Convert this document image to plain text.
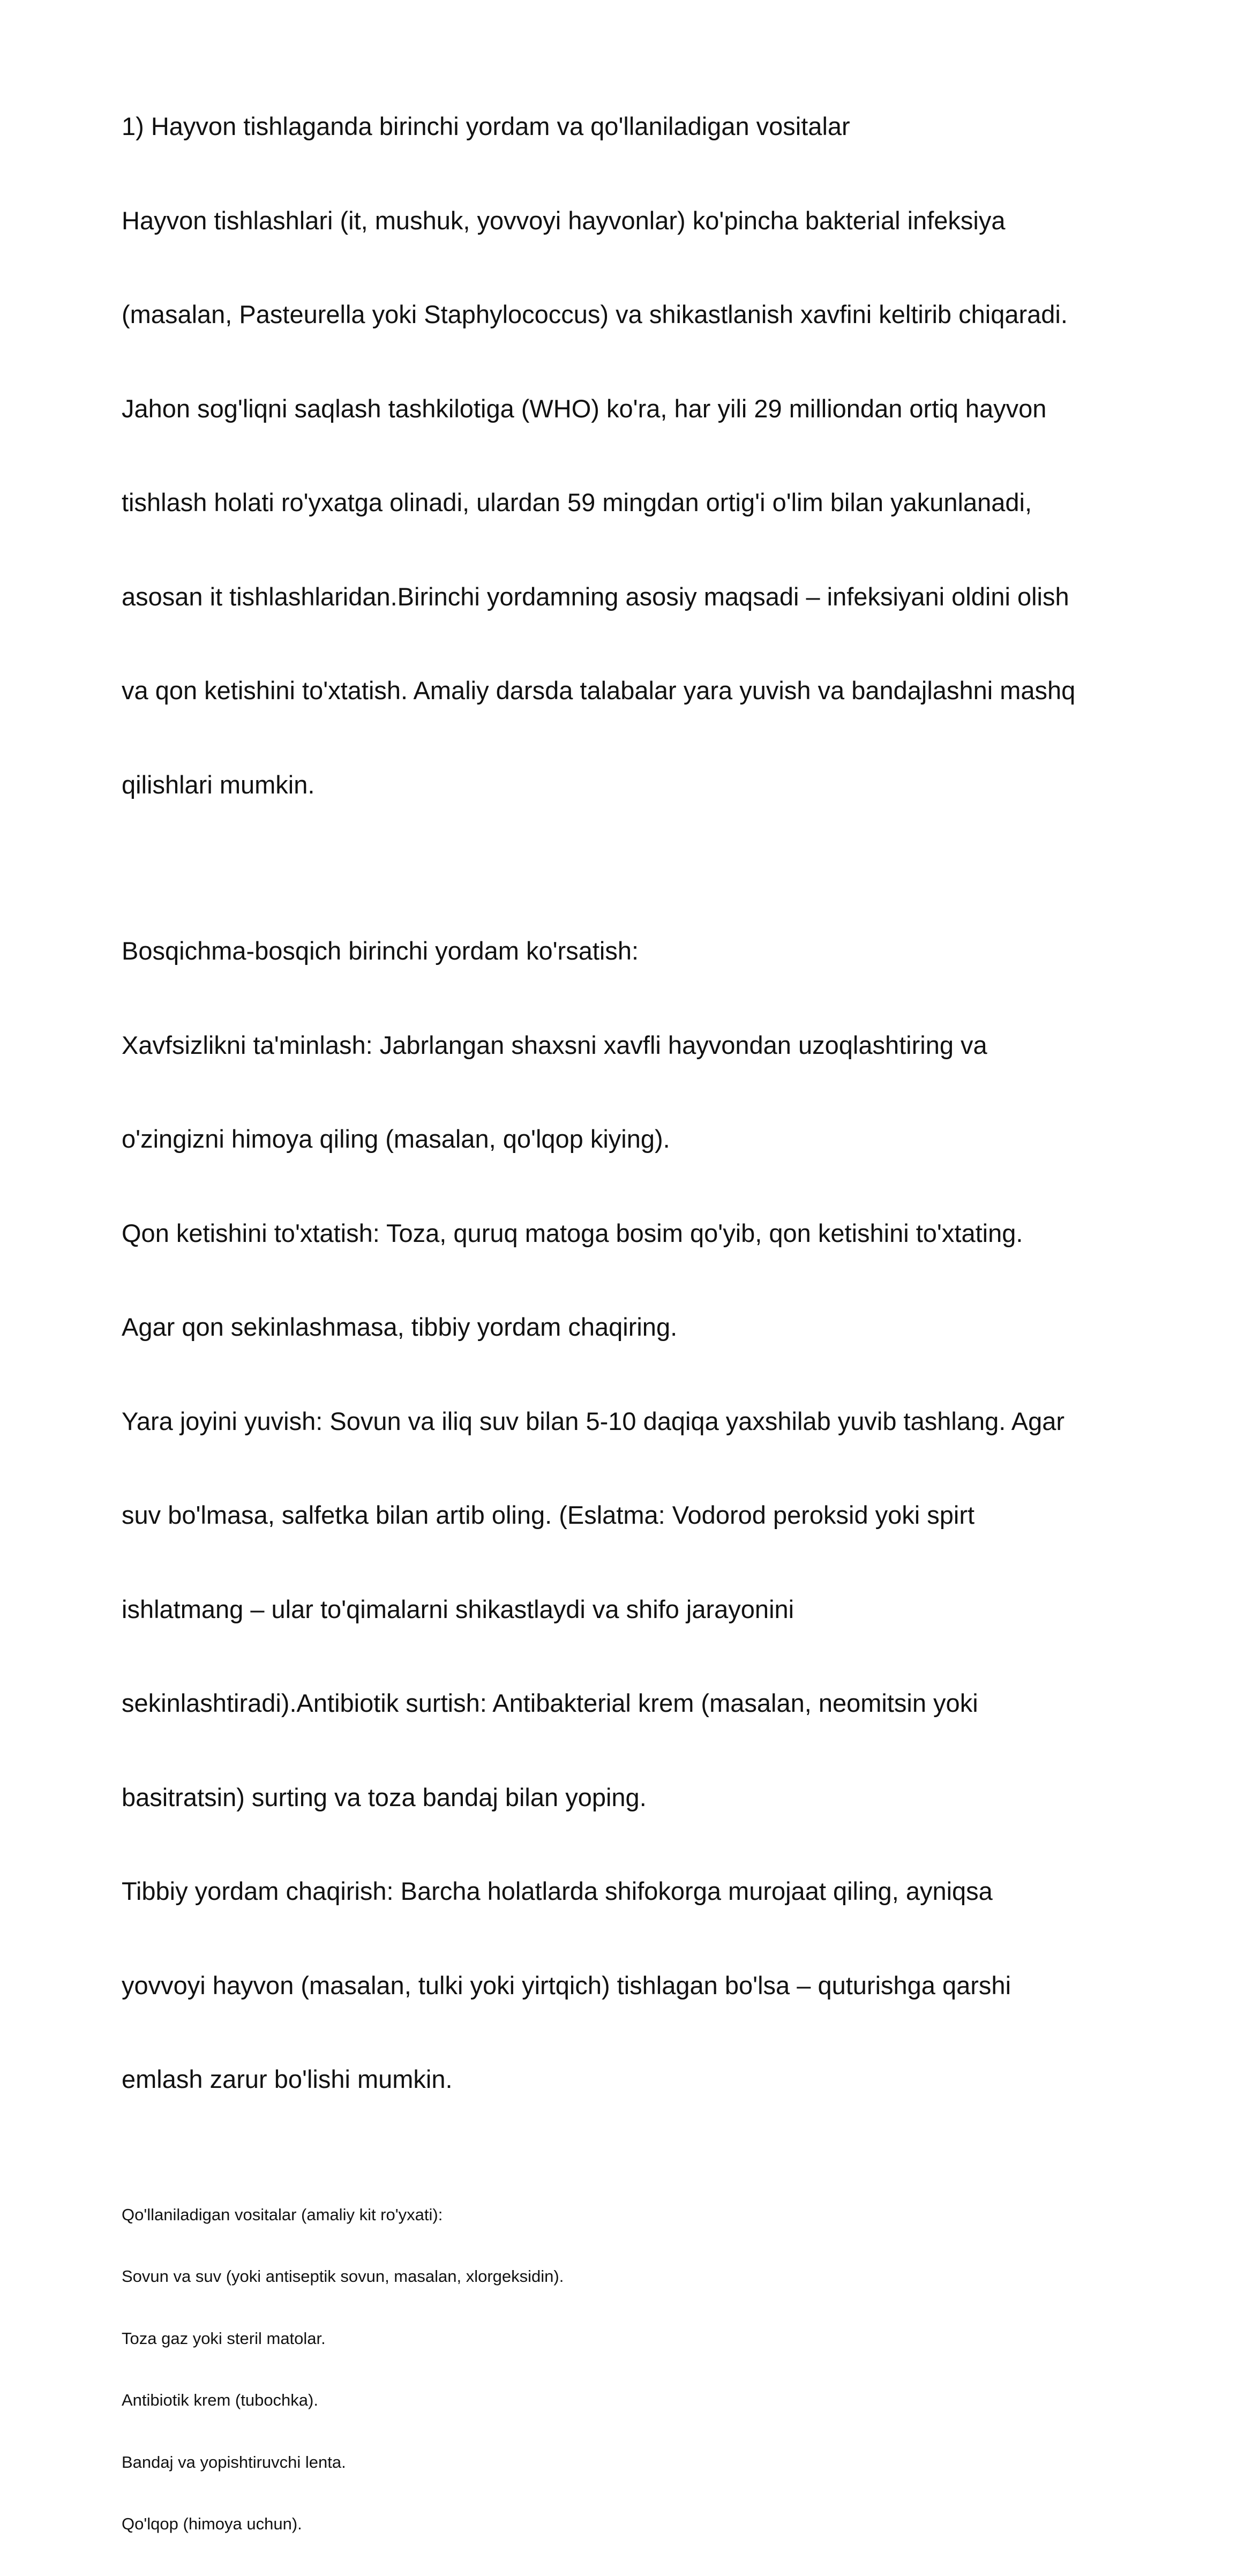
1) Hayvon tishlaganda birinchi yordam va qo'llaniladigan vositalar

Hayvon tishlashlari (it, mushuk, yovvoyi hayvonlar) ko'pincha bakterial infeksiya

(masalan, Pasteurella yoki Staphylococcus) va shikastlanish xavfini keltirib chiqaradi.

Jahon sog'liqni saqlash tashkilotiga (WHO) ko'ra, har yili 29 milliondan ortiq hayvon

tishlash holati ro'yxatga olinadi, ulardan 59 mingdan ortig'i o'lim bilan yakunlanadi,

asosan it tishlashlaridan.Birinchi yordamning asosiy maqsadi – infeksiyani oldini olish

va qon ketishini to'xtatish. Amaliy darsda talabalar yara yuvish va bandajlashni mashq

qilishlari mumkin.

Bosqichma-bosqich birinchi yordam ko'rsatish:

Xavfsizlikni ta'minlash: Jabrlangan shaxsni xavfli hayvondan uzoqlashtiring va

o'zingizni himoya qiling (masalan, qo'lqop kiying).

Qon ketishini to'xtatish: Toza, quruq matoga bosim qo'yib, qon ketishini to'xtating.

Agar qon sekinlashmasa, tibbiy yordam chaqiring.

Yara joyini yuvish: Sovun va iliq suv bilan 5-10 daqiqa yaxshilab yuvib tashlang. Agar

suv bo'lmasa, salfetka bilan artib oling. (Eslatma: Vodorod peroksid yoki spirt

ishlatmang – ular to'qimalarni shikastlaydi va shifo jarayonini

sekinlashtiradi).Antibiotik surtish: Antibakterial krem (masalan, neomitsin yoki

basitratsin) surting va toza bandaj bilan yoping.

Tibbiy yordam chaqirish: Barcha holatlarda shifokorga murojaat qiling, ayniqsa

yovvoyi hayvon (masalan, tulki yoki yirtqich) tishlagan bo'lsa – quturishga qarshi

emlash zarur bo'lishi mumkin.

Qo'llaniladigan vositalar (amaliy kit ro'yxati):

Sovun va suv (yoki antiseptik sovun, masalan, xlorgeksidin).

Toza gaz yoki steril matolar.

Antibiotik krem (tubochka).

Bandaj va yopishtiruvchi lenta.

Qo'lqop (himoya uchun).
